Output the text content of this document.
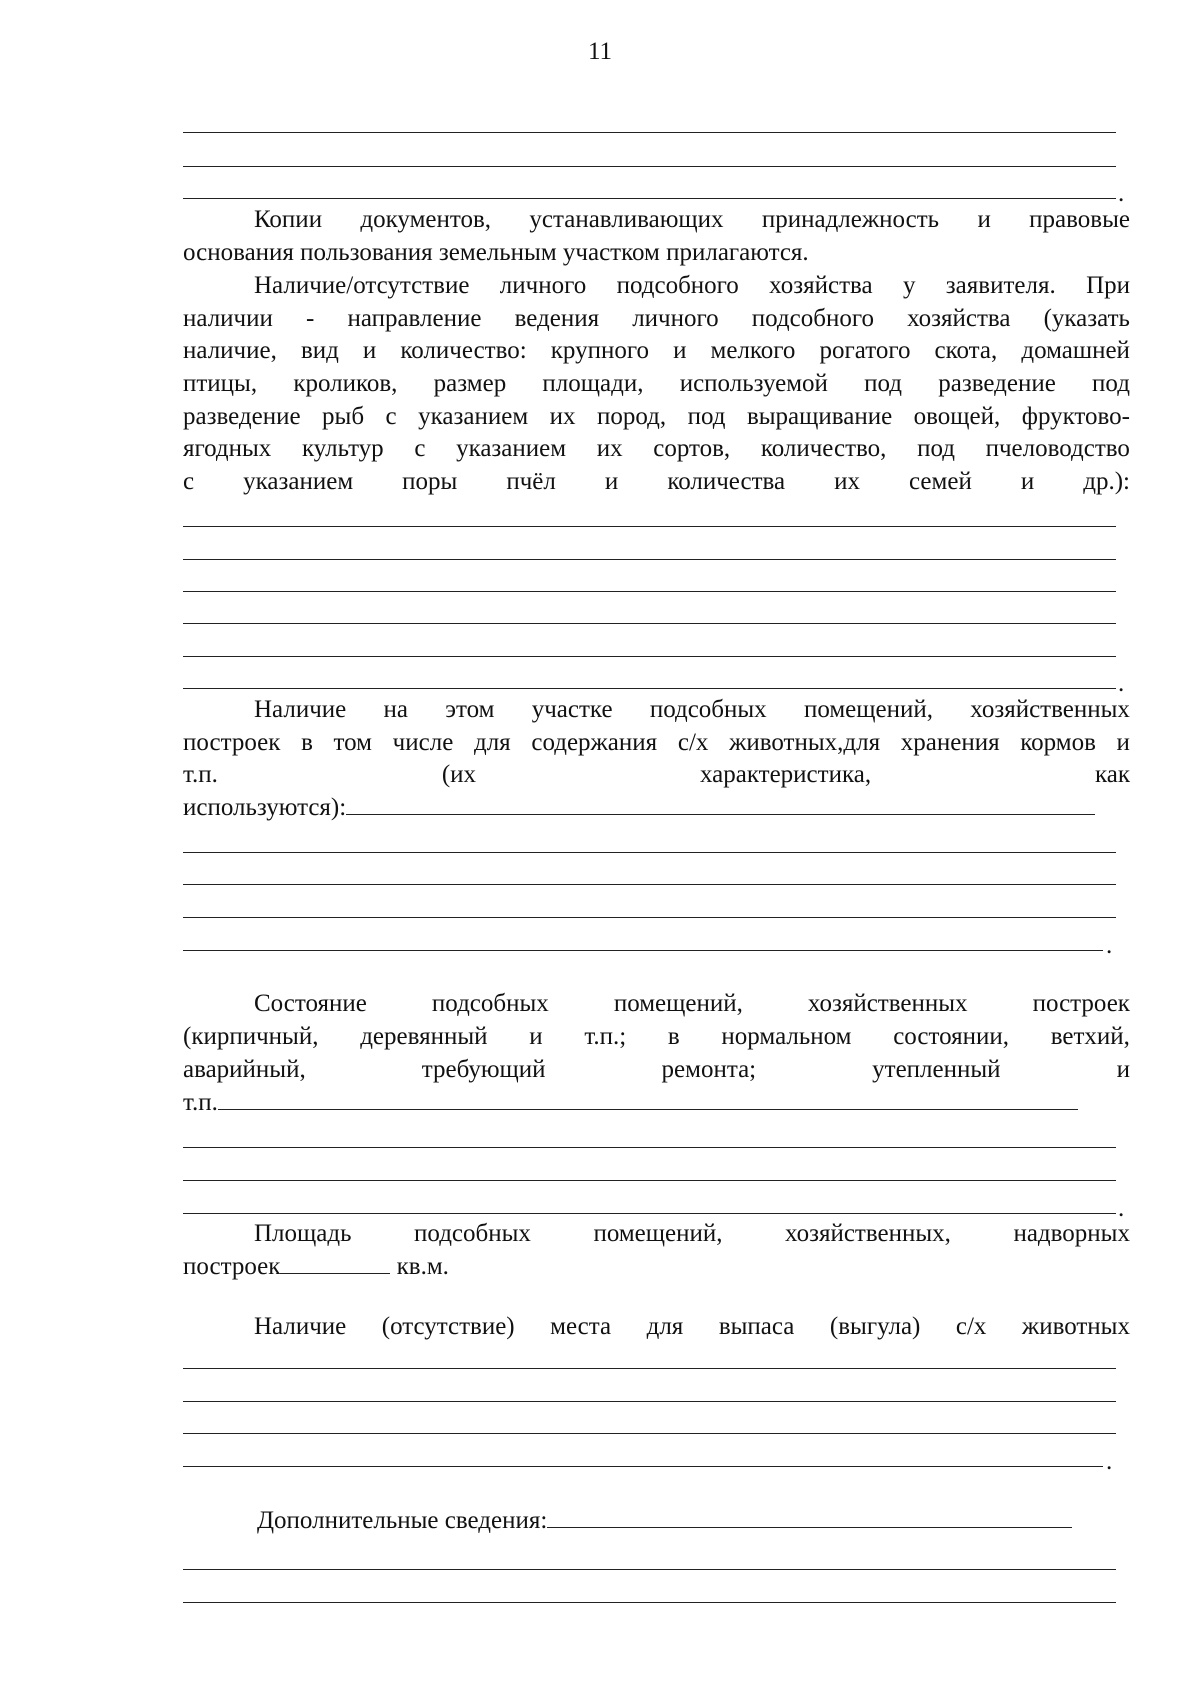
11
.
Копии документов, устанавливающих принадлежность и правовые
основания пользования земельным участком прилагаются.
Наличие/отсутствие личного подсобного хозяйства у заявителя. При
наличии - направление ведения личного подсобного хозяйства (указать
наличие, вид и количество: крупного и мелкого рогатого скота, домашней
птицы, кроликов, размер площади, используемой под разведение под
разведение рыб с указанием их пород, под выращивание овощей, фруктово-
ягодных культур с указанием их сортов, количество, под пчеловодство
с указанием поры пчёл и количества их семей и др.):
.
Наличие на этом участке подсобных помещений, хозяйственных
построек в том числе для содержания с/х животных,для хранения кормов и
т.п.	(их	характеристика,	как
используются):
.
Состояние	подсобных	помещений,	хозяйственных	построек
(кирпичный, деревянный и т.п.; в нормальном состоянии, ветхий,
аварийный,	требующий	ремонта;	утепленный	и
т.п.
.
Площадь	подсобных	помещений,	хозяйственных,	надворных
построек	кв.м.
Наличие (отсутствие) места для выпаса (выгула) с/х животных
.
Дополнительные сведения:
